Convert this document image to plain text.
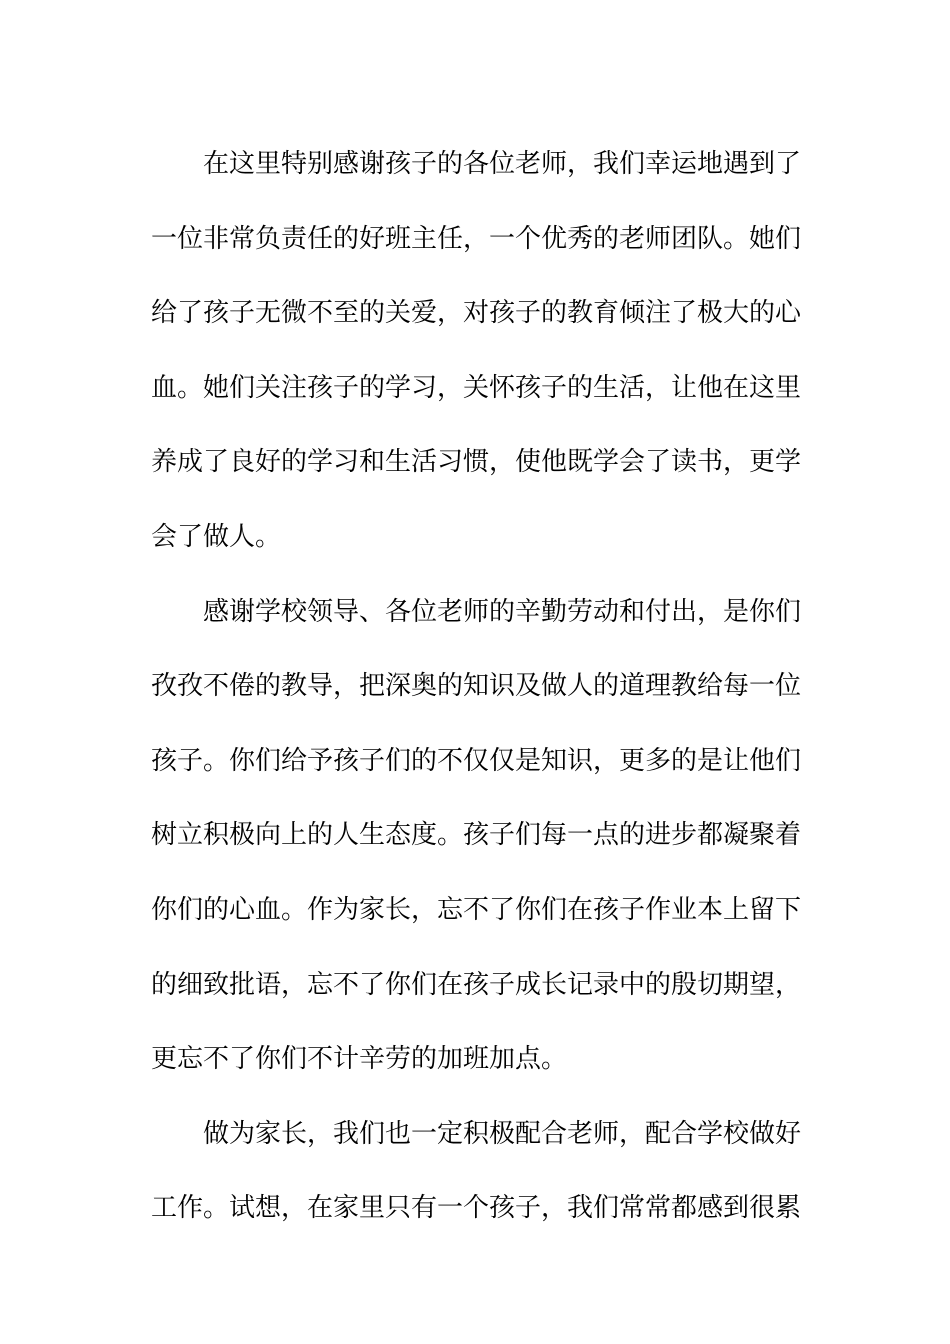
在这里特别感谢孩子的各位老师，我们幸运地遇到了
一位非常负责任的好班主任，一个优秀的老师团队。她们
给了孩子无微不至的关爱，对孩子的教育倾注了极大的心
血。她们关注孩子的学习，关怀孩子的生活，让他在这里
养成了良好的学习和生活习惯，使他既学会了读书，更学
会了做人。
感谢学校领导、各位老师的辛勤劳动和付出，是你们
孜孜不倦的教导，把深奥的知识及做人的道理教给每一位
孩子。你们给予孩子们的不仅仅是知识，更多的是让他们
树立积极向上的人生态度。孩子们每一点的进步都凝聚着
你们的心血。作为家长，忘不了你们在孩子作业本上留下
的细致批语，忘不了你们在孩子成长记录中的殷切期望，
更忘不了你们不计辛劳的加班加点。
做为家长，我们也一定积极配合老师，配合学校做好
工作。试想，在家里只有一个孩子，我们常常都感到很累
